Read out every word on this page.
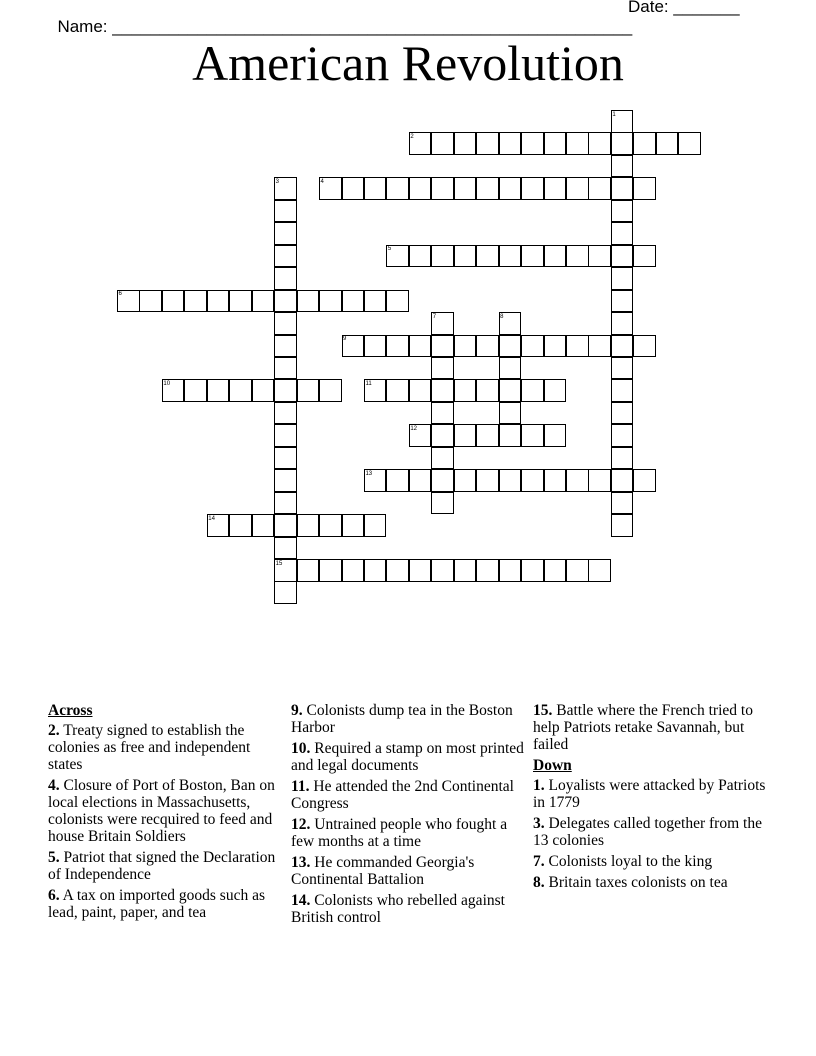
Name: _______________________________________________________

Date: _______

American Revolution
1
2
3	4
5
6
7	8
9
10	11
12
13
14
15
Across
2. Treaty signed to establish the colonies as free and independent states
4. Closure of Port of Boston, Ban on local elections in Massachusetts, colonists were recquired to feed and house Britain Soldiers
5. Patriot that signed the Declaration of Independence
6. A tax on imported goods such as lead, paint, paper, and tea
9. Colonists dump tea in the Boston Harbor
10. Required a stamp on most printed and legal documents
11. He attended the 2nd Continental Congress
12. Untrained people who fought a few months at a time
13. He commanded Georgia's Continental Battalion
14. Colonists who rebelled against British control
15. Battle where the French tried to help Patriots retake Savannah, but failed
Down
1. Loyalists were attacked by Patriots in 1779
3. Delegates called together from the 13 colonies
7. Colonists loyal to the king
8. Britain taxes colonists on tea
